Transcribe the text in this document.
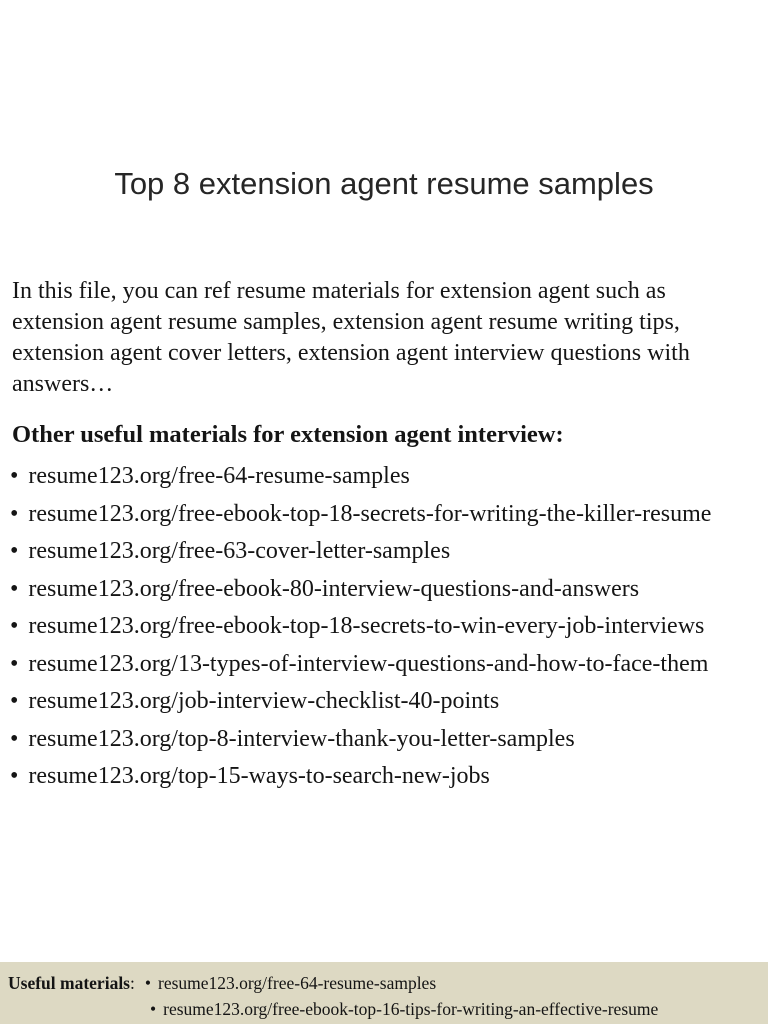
Top 8 extension agent resume samples
In this file, you can ref resume materials for extension agent such as extension agent resume samples, extension agent resume writing tips, extension agent cover letters, extension agent interview questions with answers…
Other useful materials for extension agent interview:
• resume123.org/free-64-resume-samples
• resume123.org/free-ebook-top-18-secrets-for-writing-the-killer-resume
• resume123.org/free-63-cover-letter-samples
• resume123.org/free-ebook-80-interview-questions-and-answers
• resume123.org/free-ebook-top-18-secrets-to-win-every-job-interviews
• resume123.org/13-types-of-interview-questions-and-how-to-face-them
• resume123.org/job-interview-checklist-40-points
• resume123.org/top-8-interview-thank-you-letter-samples
• resume123.org/top-15-ways-to-search-new-jobs
Useful materials: • resume123.org/free-64-resume-samples
• resume123.org/free-ebook-top-16-tips-for-writing-an-effective-resume
